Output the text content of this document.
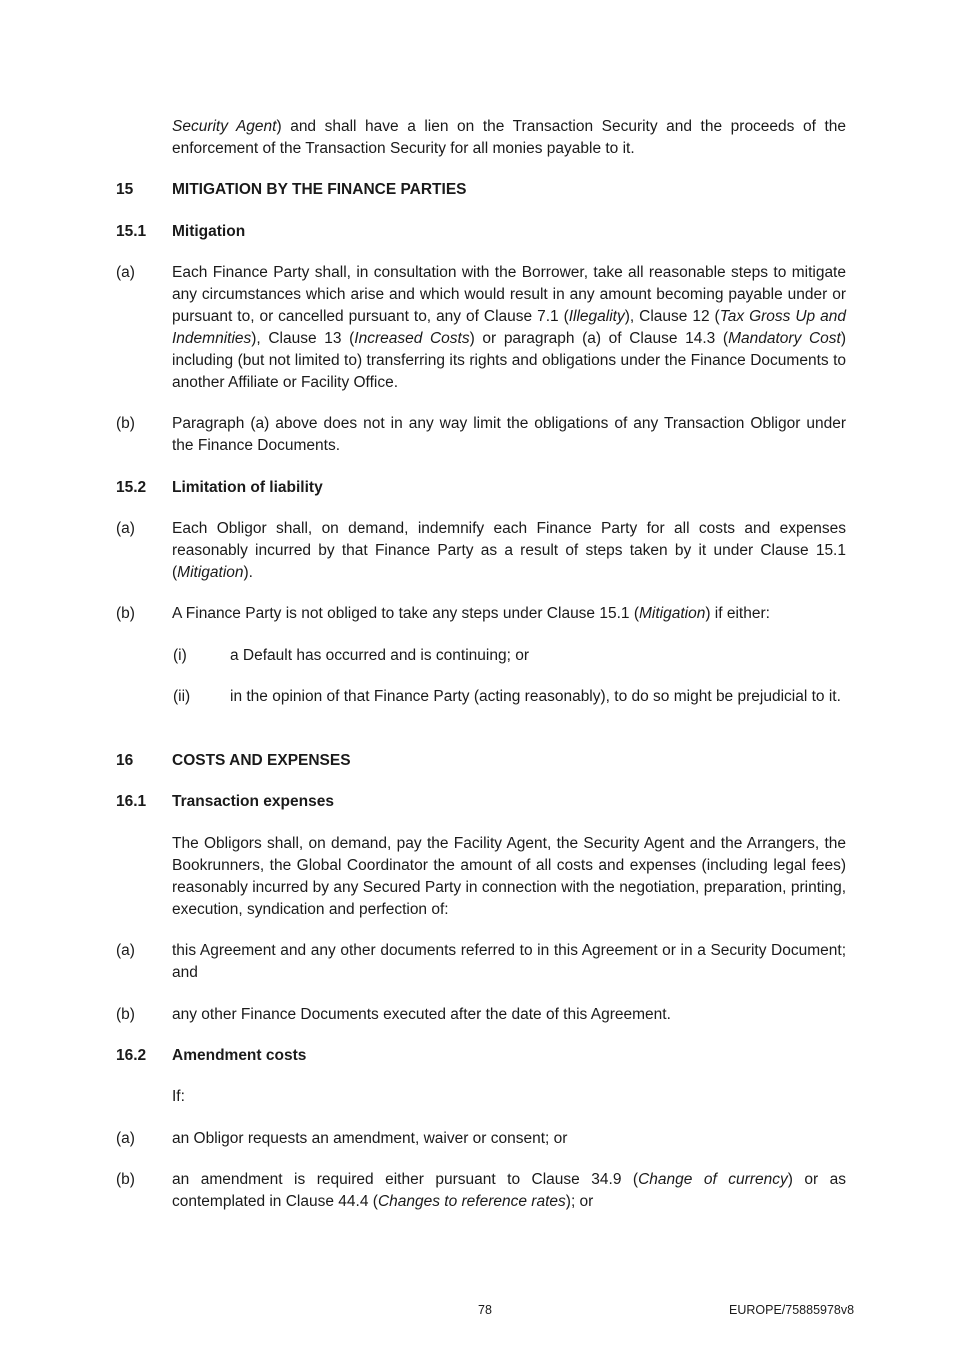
Security Agent) and shall have a lien on the Transaction Security and the proceeds of the enforcement of the Transaction Security for all monies payable to it.
15	MITIGATION BY THE FINANCE PARTIES
15.1	Mitigation
(a)	Each Finance Party shall, in consultation with the Borrower, take all reasonable steps to mitigate any circumstances which arise and which would result in any amount becoming payable under or pursuant to, or cancelled pursuant to, any of Clause 7.1 (Illegality), Clause 12 (Tax Gross Up and Indemnities), Clause 13 (Increased Costs) or paragraph (a) of Clause 14.3 (Mandatory Cost) including (but not limited to) transferring its rights and obligations under the Finance Documents to another Affiliate or Facility Office.
(b)	Paragraph (a) above does not in any way limit the obligations of any Transaction Obligor under the Finance Documents.
15.2	Limitation of liability
(a)	Each Obligor shall, on demand, indemnify each Finance Party for all costs and expenses reasonably incurred by that Finance Party as a result of steps taken by it under Clause 15.1 (Mitigation).
(b)	A Finance Party is not obliged to take any steps under Clause 15.1 (Mitigation) if either:
(i)	a Default has occurred and is continuing; or
(ii)	in the opinion of that Finance Party (acting reasonably), to do so might be prejudicial to it.
16	COSTS AND EXPENSES
16.1	Transaction expenses
The Obligors shall, on demand, pay the Facility Agent, the Security Agent and the Arrangers, the Bookrunners, the Global Coordinator the amount of all costs and expenses (including legal fees) reasonably incurred by any Secured Party in connection with the negotiation, preparation, printing, execution, syndication and perfection of:
(a)	this Agreement and any other documents referred to in this Agreement or in a Security Document; and
(b)	any other Finance Documents executed after the date of this Agreement.
16.2	Amendment costs
If:
(a)	an Obligor requests an amendment, waiver or consent; or
(b)	an amendment is required either pursuant to Clause 34.9 (Change of currency) or as contemplated in Clause 44.4 (Changes to reference rates); or
78	EUROPE/75885978v8
